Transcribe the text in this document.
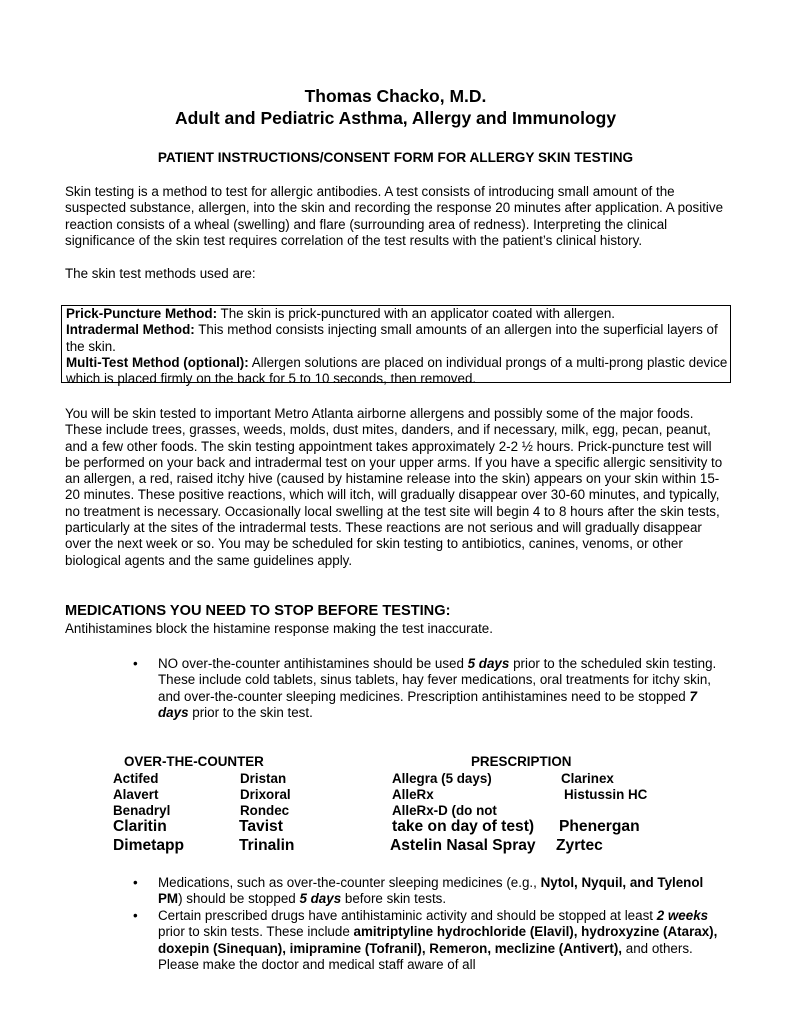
Thomas Chacko, M.D.
Adult and Pediatric Asthma, Allergy and Immunology
PATIENT INSTRUCTIONS/CONSENT FORM FOR ALLERGY SKIN TESTING

Skin testing is a method to test for allergic antibodies. A test consists of introducing small amount of the suspected substance, allergen, into the skin and recording the response 20 minutes after application. A positive reaction consists of a wheal (swelling) and flare (surrounding area of redness). Interpreting the clinical significance of the skin test requires correlation of the test results with the patient’s clinical history.

The skin test methods used are:

Prick-Puncture Method: The skin is prick-punctured with an applicator coated with allergen.

Intradermal Method: This method consists injecting small amounts of an allergen into the superficial layers of the skin.

Multi-Test Method (optional): Allergen solutions are placed on individual prongs of a multi-prong plastic device which is placed firmly on the back for 5 to 10 seconds, then removed.

You will be skin tested to important Metro Atlanta airborne allergens and possibly some of the major foods. These include trees, grasses, weeds, molds, dust mites, danders, and if necessary, milk, egg, pecan, peanut, and a few other foods. The skin testing appointment takes approximately 2-2 ½ hours. Prick-puncture test will be performed on your back and intradermal test on your upper arms. If you have a specific allergic sensitivity to an allergen, a red, raised itchy hive (caused by histamine release into the skin) appears on your skin within 15-20 minutes. These positive reactions, which will itch, will gradually disappear over 30-60 minutes, and typically, no treatment is necessary. Occasionally local swelling at the test site will begin 4 to 8 hours after the skin tests, particularly at the sites of the intradermal tests. These reactions are not serious and will gradually disappear over the next week or so. You may be scheduled for skin testing to antibiotics, canines, venoms, or other biological agents and the same guidelines apply.

MEDICATIONS YOU NEED TO STOP BEFORE TESTING:
Antihistamines block the histamine response making the test inaccurate.
• NO over-the-counter antihistamines should be used 5 days prior to the scheduled skin testing. These include cold tablets, sinus tablets, hay fever medications, oral treatments for itchy skin, and over-the-counter sleeping medicines. Prescription antihistamines need to be stopped 7 days prior to the skin test.
OVER-THE-COUNTER	PRESCRIPTION
Actifed
Alavert
Benadryl
Claritin
Dimetapp
Dristan
Drixoral
Rondec
Tavist
Trinalin
Allegra (5 days)
AlleRx
AlleRx-D (do not
take on day of test)
Astelin Nasal Spray
Clarinex
Histussin HC
Phenergan
Zyrtec
• Medications, such as over-the-counter sleeping medicines (e.g., Nytol, Nyquil, and Tylenol PM) should be stopped 5 days before skin tests.
• Certain prescribed drugs have antihistaminic activity and should be stopped at least 2 weeks prior to skin tests. These include amitriptyline hydrochloride (Elavil), hydroxyzine (Atarax), doxepin (Sinequan), imipramine (Tofranil), Remeron, meclizine (Antivert), and others. Please make the doctor and medical staff aware of all
